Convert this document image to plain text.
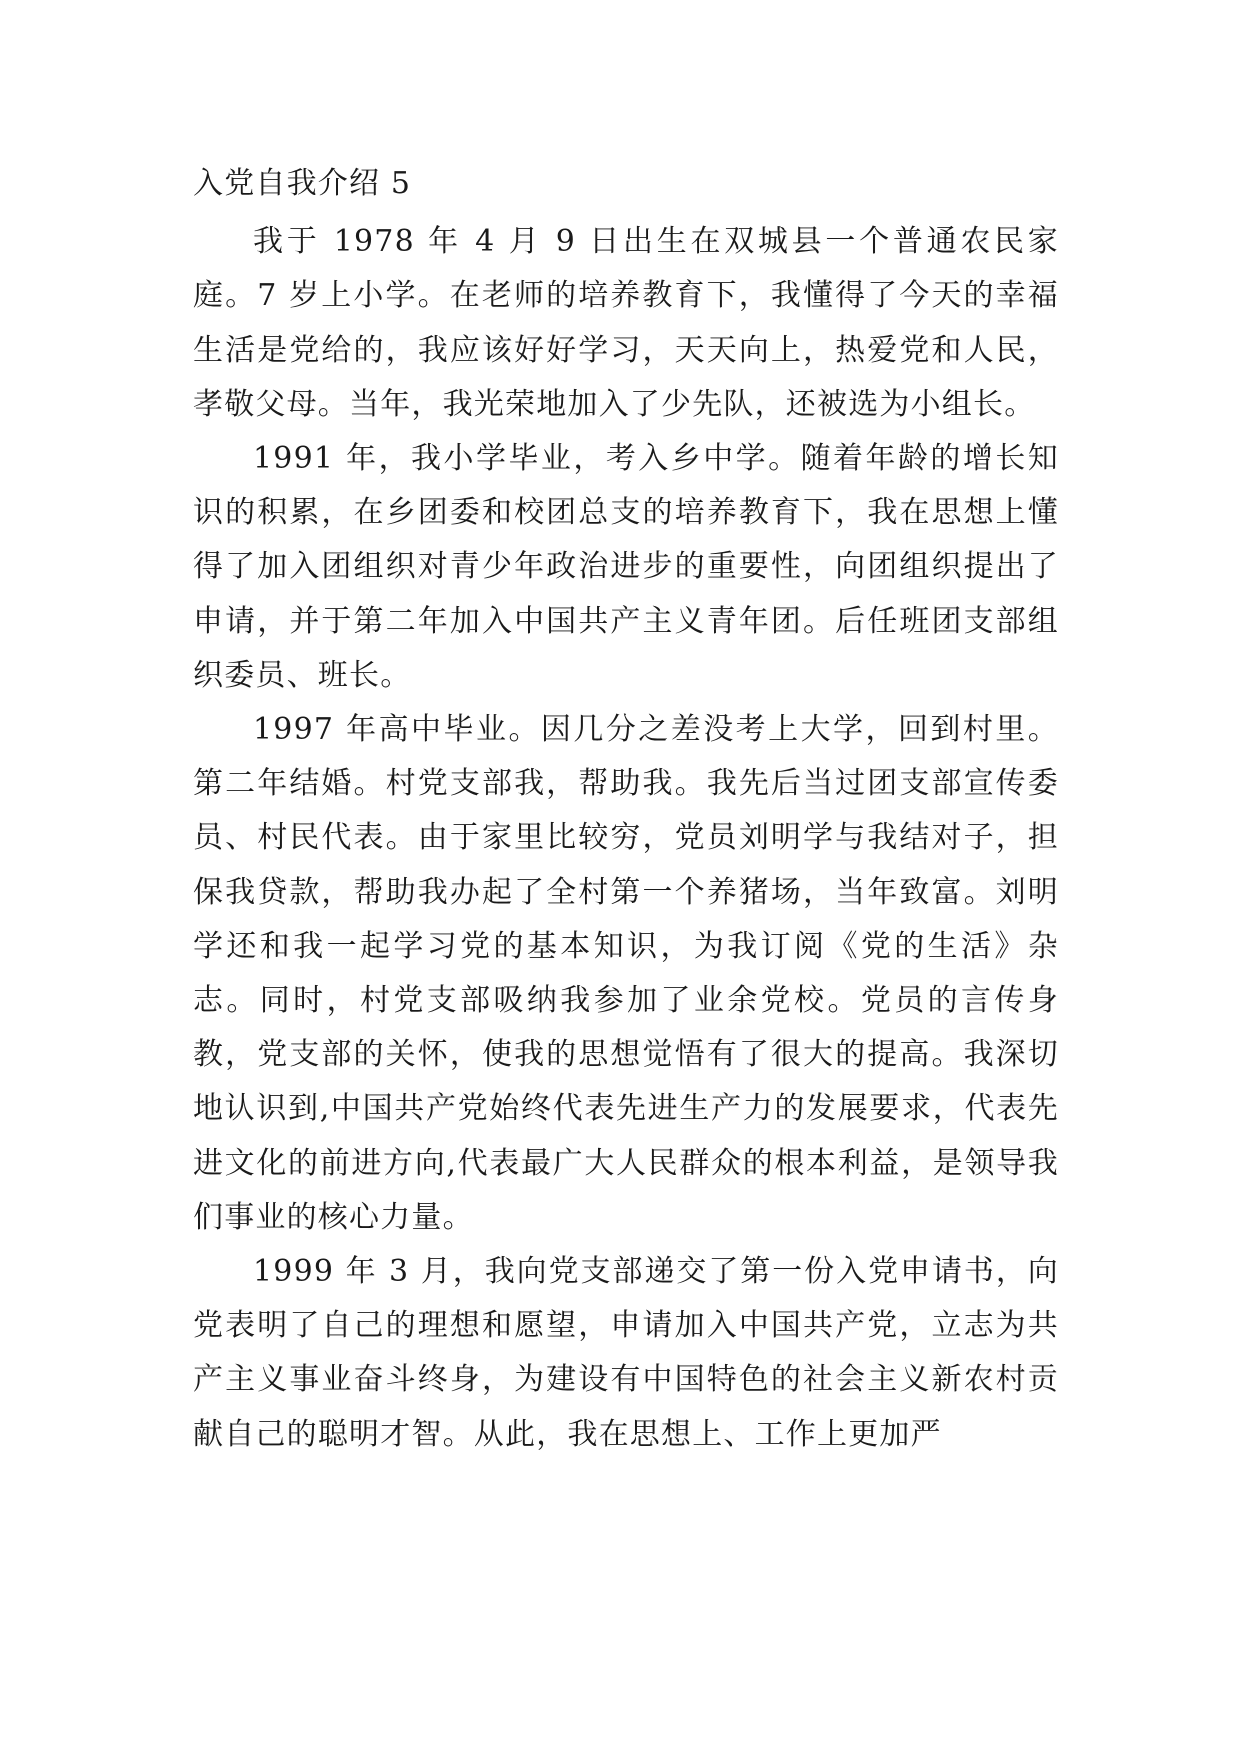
入党自我介绍 5

我于 1978 年 4 月 9 日出生在双城县一个普通农民家庭。7 岁上小学。在老师的培养教育下，我懂得了今天的幸福生活是党给的，我应该好好学习，天天向上，热爱党和人民，孝敬父母。当年，我光荣地加入了少先队，还被选为小组长。

1991 年，我小学毕业，考入乡中学。随着年龄的增长知识的积累，在乡团委和校团总支的培养教育下，我在思想上懂得了加入团组织对青少年政治进步的重要性，向团组织提出了申请，并于第二年加入中国共产主义青年团。后任班团支部组织委员、班长。

1997 年高中毕业。因几分之差没考上大学，回到村里。第二年结婚。村党支部我，帮助我。我先后当过团支部宣传委员、村民代表。由于家里比较穷，党员刘明学与我结对子，担保我贷款，帮助我办起了全村第一个养猪场，当年致富。刘明学还和我一起学习党的基本知识，为我订阅《党的生活》杂志。同时，村党支部吸纳我参加了业余党校。党员的言传身教，党支部的关怀，使我的思想觉悟有了很大的提高。我深切地认识到,中国共产党始终代表先进生产力的发展要求，代表先进文化的前进方向,代表最广大人民群众的根本利益，是领导我们事业的核心力量。

1999 年 3 月，我向党支部递交了第一份入党申请书，向党表明了自己的理想和愿望，申请加入中国共产党，立志为共产主义事业奋斗终身，为建设有中国特色的社会主义新农村贡献自己的聪明才智。从此，我在思想上、工作上更加严
